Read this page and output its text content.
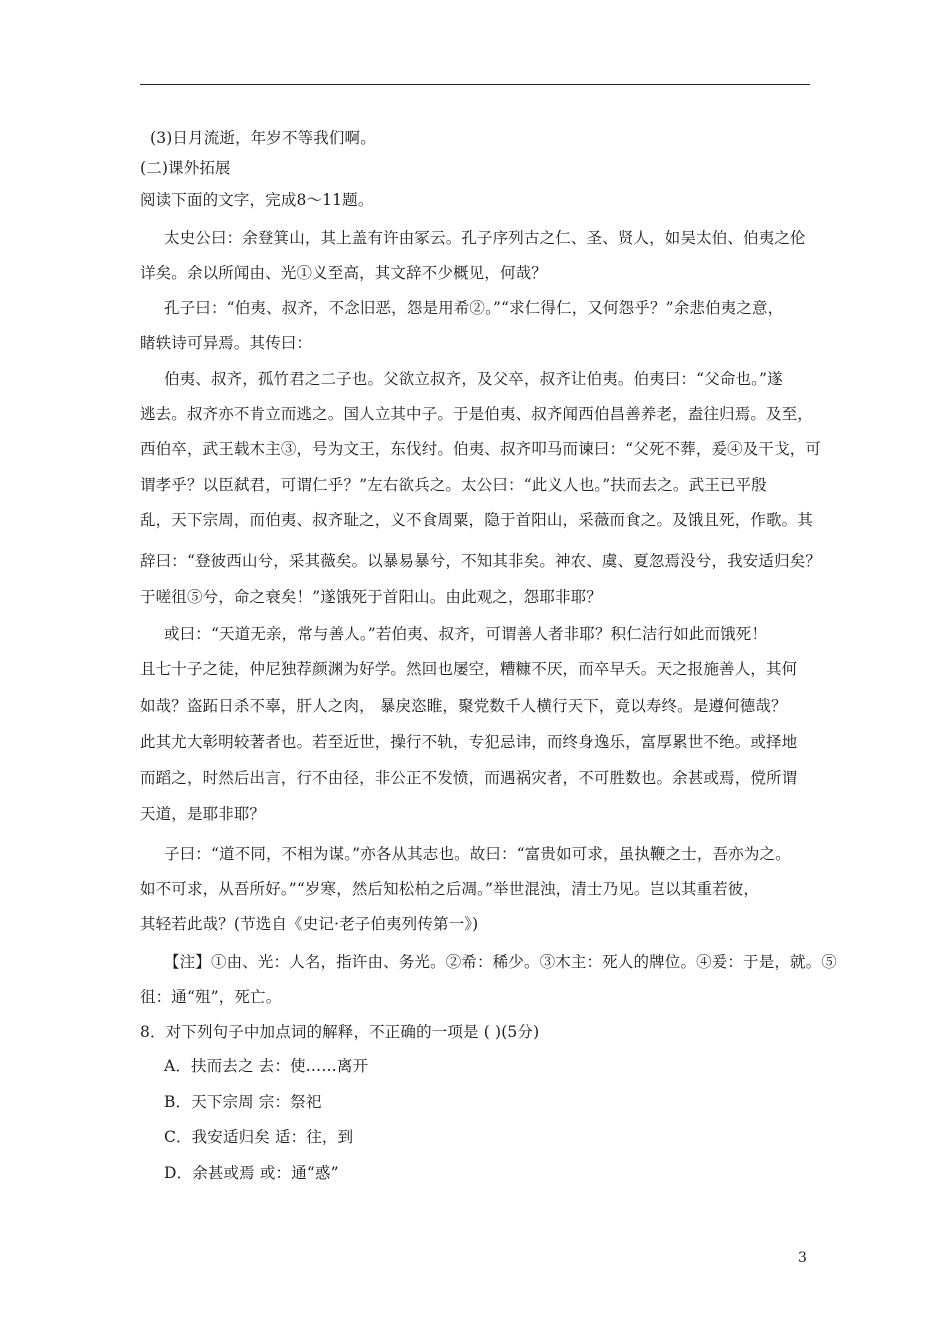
(3)日月流逝，年岁不等我们啊。
(二)课外拓展
阅读下面的文字，完成8～11题。
太史公曰：余登箕山，其上盖有许由冢云。孔子序列古之仁、圣、贤人，如吴太伯、伯夷之伦
详矣。余以所闻由、光①义至高，其文辞不少概见，何哉？
孔子曰：“伯夷、叔齐，不念旧恶，怨是用希②。”“求仁得仁，又何怨乎？”余悲伯夷之意，
睹轶诗可异焉。其传曰：
伯夷、叔齐，孤竹君之二子也。父欲立叔齐，及父卒，叔齐让伯夷。伯夷曰：“父命也。”遂
逃去。叔齐亦不肯立而逃之。国人立其中子。于是伯夷、叔齐闻西伯昌善养老，盍往归焉。及至，
西伯卒，武王载木主③，号为文王，东伐纣。伯夷、叔齐叩马而谏曰：“父死不葬，爰④及干戈，可
谓孝乎？以臣弑君，可谓仁乎？”左右欲兵之。太公曰：“此义人也。”扶而去之。武王已平殷
乱，天下宗周，而伯夷、叔齐耻之，义不食周粟，隐于首阳山，采薇而食之。及饿且死，作歌。其
辞曰：“登彼西山兮，采其薇矣。以暴易暴兮，不知其非矣。神农、虞、夏忽焉没兮，我安适归矣？
于嗟徂⑤兮，命之衰矣！”遂饿死于首阳山。由此观之，怨耶非耶？
或曰：“天道无亲，常与善人。”若伯夷、叔齐，可谓善人者非耶？积仁洁行如此而饿死！
且七十子之徒，仲尼独荐颜渊为好学。然回也屡空，糟糠不厌，而卒早夭。天之报施善人，其何
如哉？盗跖日杀不辜，肝人之肉， 暴戾恣睢，聚党数千人横行天下，竟以寿终。是遵何德哉？
此其尤大彰明较著者也。若至近世，操行不轨，专犯忌讳，而终身逸乐，富厚累世不绝。或择地
而蹈之，时然后出言，行不由径，非公正不发愤，而遇祸灾者，不可胜数也。余甚或焉，傥所谓
天道，是耶非耶？
子曰：“道不同，不相为谋。”亦各从其志也。故曰：“富贵如可求，虽执鞭之士，吾亦为之。
如不可求，从吾所好。”“岁寒，然后知松柏之后凋。”举世混浊，清士乃见。岂以其重若彼，
其轻若此哉？(节选自《史记·老子伯夷列传第一》)
【注】①由、光：人名，指许由、务光。②希：稀少。③木主：死人的牌位。④爰：于是，就。⑤
徂：通“殂”，死亡。
8．对下列句子中加点词的解释，不正确的一项是 ( )(5分)
A．扶而去之 去：使……离开
B．天下宗周 宗：祭祀
C．我安适归矣 适：往，到
D．余甚或焉 或：通“惑”
3
